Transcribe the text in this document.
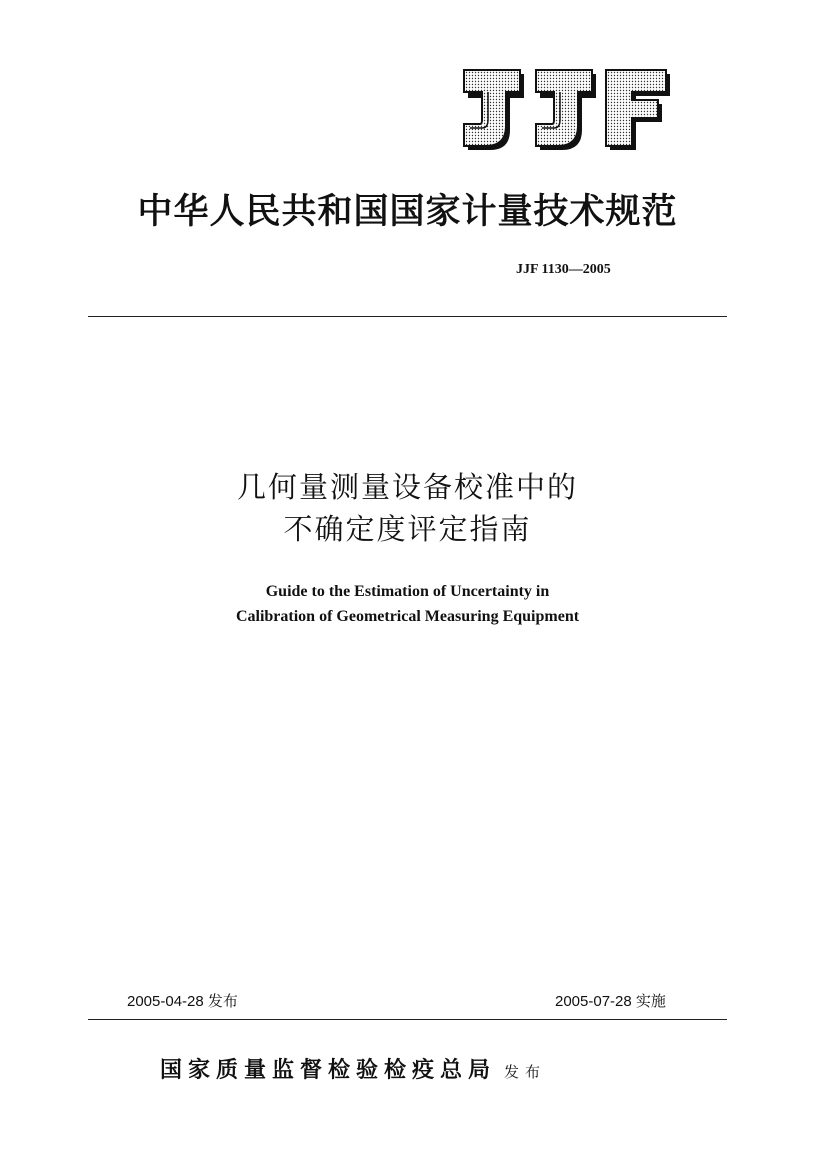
中华人民共和国国家计量技术规范
JJF 1130—2005
几何量测量设备校准中的
不确定度评定指南
Guide to the Estimation of Uncertainty in
Calibration of Geometrical Measuring Equipment
2005-04-28 发布	2005-07-28 实施
国家质量监督检验检疫总局 发布
